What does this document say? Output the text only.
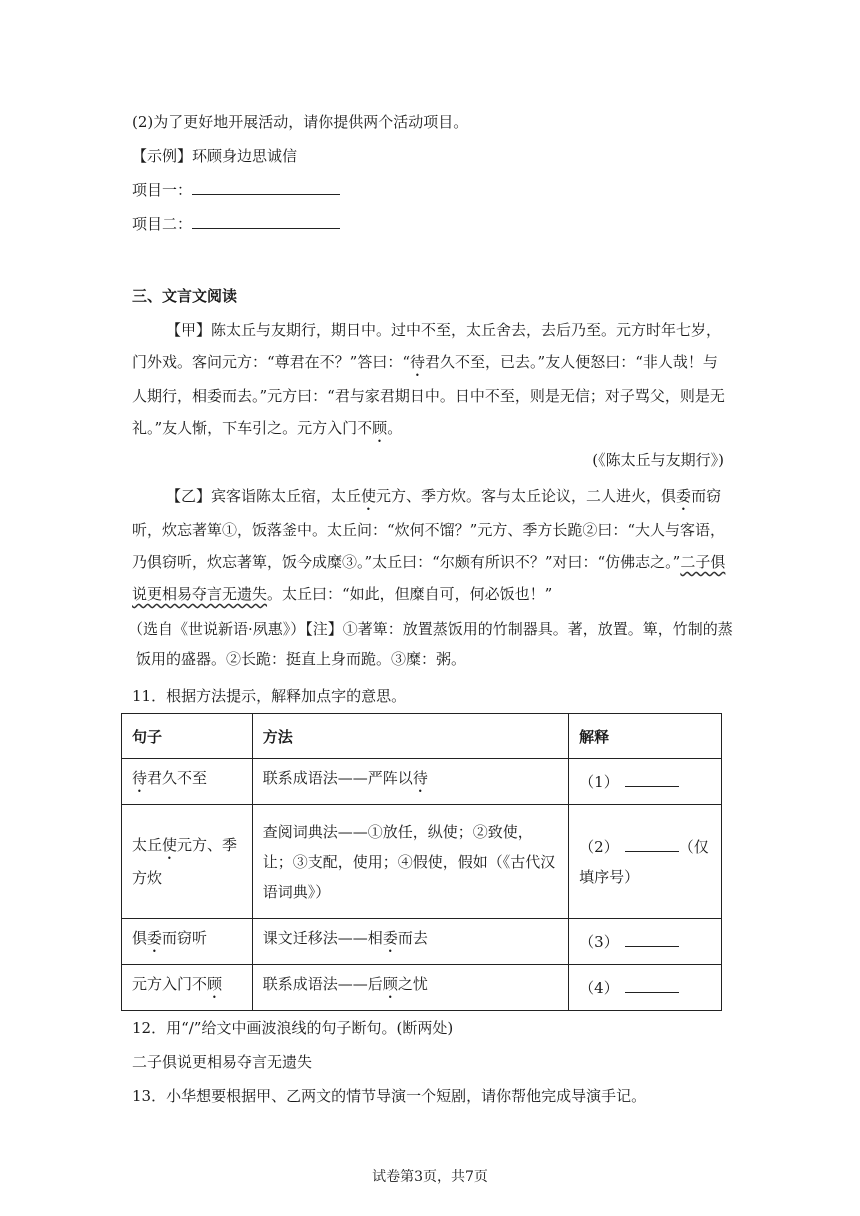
(2)为了更好地开展活动，请你提供两个活动项目。
【示例】环顾身边思诚信
项目一：
项目二：
三、文言文阅读
【甲】陈太丘与友期行，期日中。过中不至，太丘舍去，去后乃至。元方时年七岁，门外戏。客问元方：“尊君在不？”答曰：“待君久不至，已去。”友人便怒曰：“非人哉！与人期行，相委而去。”元方曰：“君与家君期日中。日中不至，则是无信；对子骂父，则是无礼。”友人惭，下车引之。元方入门不顾。
(《陈太丘与友期行》)
【乙】宾客诣陈太丘宿，太丘使元方、季方炊。客与太丘论议，二人进火，俱委而窃听，炊忘著箄①，饭落釜中。太丘问：“炊何不馏？”元方、季方长跪②曰：“大人与客语，乃俱窃听，炊忘著箄，饭今成糜③。”太丘曰：“尔颇有所识不？”对曰：“仿佛志之。”二子俱说更相易夺言无遗失。太丘曰：“如此，但糜自可，何必饭也！”
（选自《世说新语·夙惠》）【注】①著箄：放置蒸饭用的竹制器具。著，放置。箄，竹制的蒸饭用的盛器。②长跪：挺直上身而跪。③糜：粥。
11．根据方法提示，解释加点字的意思。
句子	方法	解释
待君久不至	联系成语法——严阵以待	（1）
太丘使元方、季方炊	查阅词典法——①放任，纵使；②致使，让；③支配，使用；④假使，假如（《古代汉语词典》）	（2） （仅填序号）
俱委而窃听	课文迁移法——相委而去	（3）
元方入门不顾	联系成语法——后顾之忧	（4）
12．用“/”给文中画波浪线的句子断句。(断两处)
二子俱说更相易夺言无遗失
13．小华想要根据甲、乙两文的情节导演一个短剧，请你帮他完成导演手记。
试卷第3页，共7页
